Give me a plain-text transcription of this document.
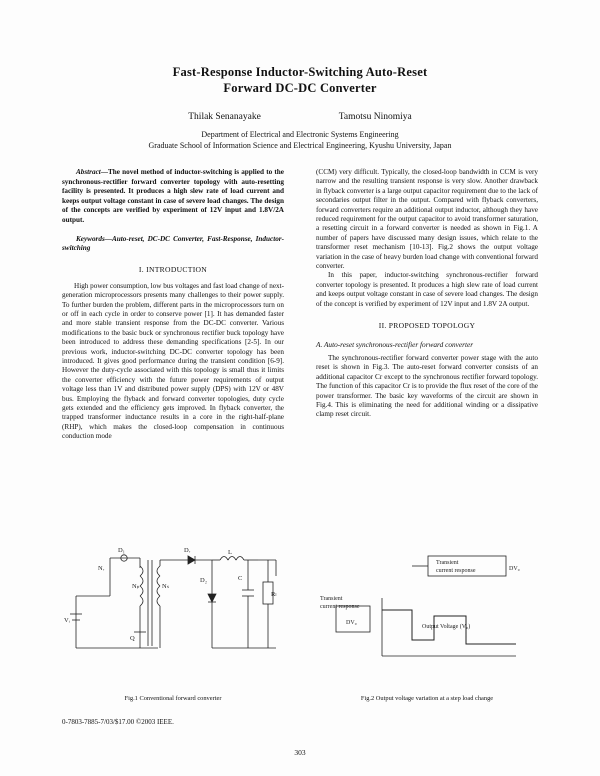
Fast-Response Inductor-Switching Auto-Reset
Forward DC-DC Converter
Thilak Senanayake	Tamotsu Ninomiya
Department of Electrical and Electronic Systems Engineering
Graduate School of Information Science and Electrical Engineering, Kyushu University, Japan
Abstract—The novel method of inductor-switching is applied to the synchronous-rectifier forward converter topology with auto-resetting facility is presented. It produces a high slew rate of load current and keeps output voltage constant in case of severe load changes. The design of the concepts are verified by experiment of 12V input and 1.8V/2A output.
Keywords—Auto-reset, DC-DC Converter, Fast-Response, Inductor-switching
I. INTRODUCTION

High power consumption, low bus voltages and fast load change of next-generation microprocessors presents many challenges to their power supply. To further burden the problem, different parts in the microprocessors turn on or off in each cycle in order to conserve power [1]. It has demanded faster and more stable transient response from the DC-DC converter. Various modifications to the basic buck or synchronous rectifier buck topology have been introduced to address these demanding specifications [2-5]. In our previous work, inductor-switching DC-DC converter topology has been introduced. It gives good performance during the transient condition [6-9]. However the duty-cycle associated with this topology is small thus it limits the converter efficiency with the future power requirements of output voltage less than 1V and distributed power supply (DPS) with 12V or 48V bus. Employing the flyback and forward converter topologies, duty cycle gets extended and the efficiency gets improved. In flyback converter, the trapped transformer inductance results in a core in the right-half-plane (RHP), which makes the closed-loop compensation in continuous conduction mode

(CCM) very difficult. Typically, the closed-loop bandwidth in CCM is very narrow and the resulting transient response is very slow. Another drawback in flyback converter is a large output capacitor requirement due to the lack of secondaries output filter in the output. Compared with flyback converters, forward converters require an additional output inductor, although they have reduced requirement for the output capacitor to avoid transformer saturation, a resetting circuit in a forward converter is needed as shown in Fig.1. A number of papers have discussed many design issues, which relate to the transformer reset mechanism [10-13]. Fig.2 shows the output voltage variation in the case of heavy burden load change with conventional forward converter.

In this paper, inductor-switching synchronous-rectifier forward converter topology is presented. It produces a high slew rate of load current and keeps output voltage constant in case of severe load changes. The design of the concept is verified by experiment of 12V input and 1.8V 2A output.

II. PROPOSED TOPOLOGY
A. Auto-reset synchronous-rectifier forward converter

The synchronous-rectifier forward converter power stage with the auto reset is shown in Fig.3. The auto-reset forward converter consists of an additional capacitor Cr except to the synchronous rectifier forward topology. The function of this capacitor Cr is to provide the flux reset of the core of the power transformer. The basic key waveforms of the circuit are shown in Fig.4. This is eliminating the need for additional winding or a dissipative clamp reset circuit.

D₁	Dᵣ
D₂
L
C
Rₗ
Vᵢ
Q
Nₚ	Nₛ
Nᵣ
Fig.1 Conventional forward converter
Transient
current response	DV₀
Transient
current response
DV₀
Output Voltage (V₀)
Fig.2 Output voltage variation at a step load change
0-7803-7885-7/03/$17.00 ©2003 IEEE.
303
